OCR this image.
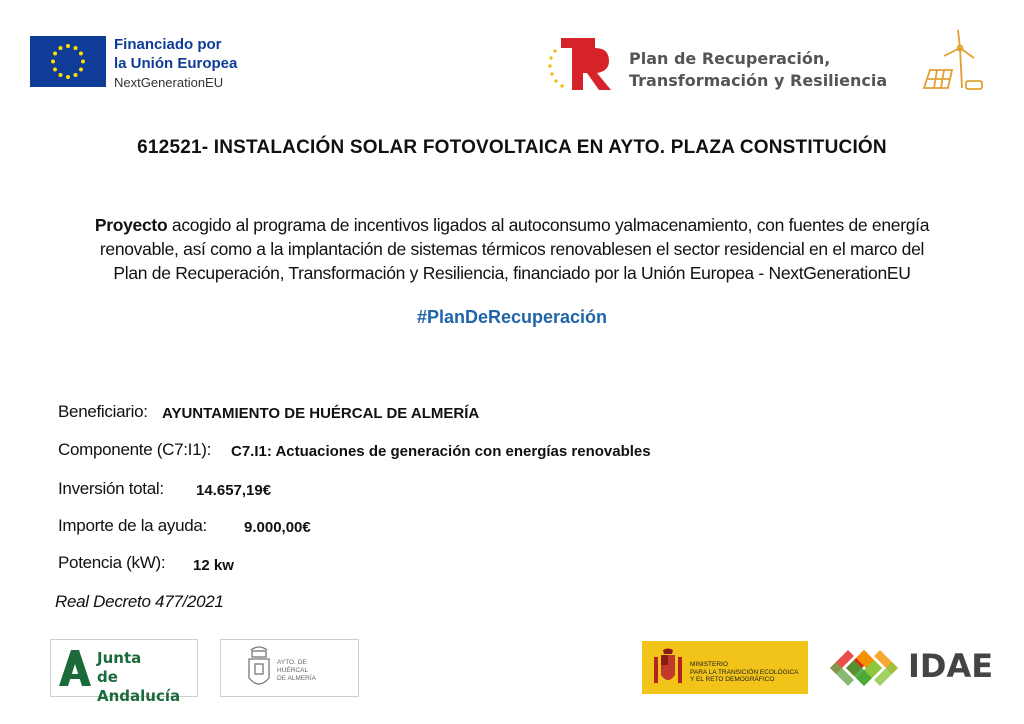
Financiado por
la Unión Europea
NextGenerationEU
Plan de Recuperación,
Transformación y Resiliencia
612521- INSTALACIÓN SOLAR FOTOVOLTAICA EN AYTO. PLAZA CONSTITUCIÓN
Proyecto acogido al programa de incentivos ligados al autoconsumo yalmacenamiento, con fuentes de energía
renovable, así como a la implantación de sistemas térmicos renovablesen el sector residencial en el marco del
Plan de Recuperación, Transformación y Resiliencia, financiado por la Unión Europea - NextGenerationEU
#PlanDeRecuperación
Beneficiario: AYUNTAMIENTO DE HUÉRCAL DE ALMERÍA
Componente (C7:I1): C7.I1: Actuaciones de generación con energías renovables
Inversión total: 14.657,19€
Importe de la ayuda: 9.000,00€
Potencia (kW): 12 kw
Real Decreto 477/2021
Junta
de Andalucía
AYTO. DE
HUÉRCAL
DE ALMERÍA
MINISTERIO
PARA LA TRANSICIÓN ECOLÓGICA
Y EL RETO DEMOGRÁFICO	IDAE
